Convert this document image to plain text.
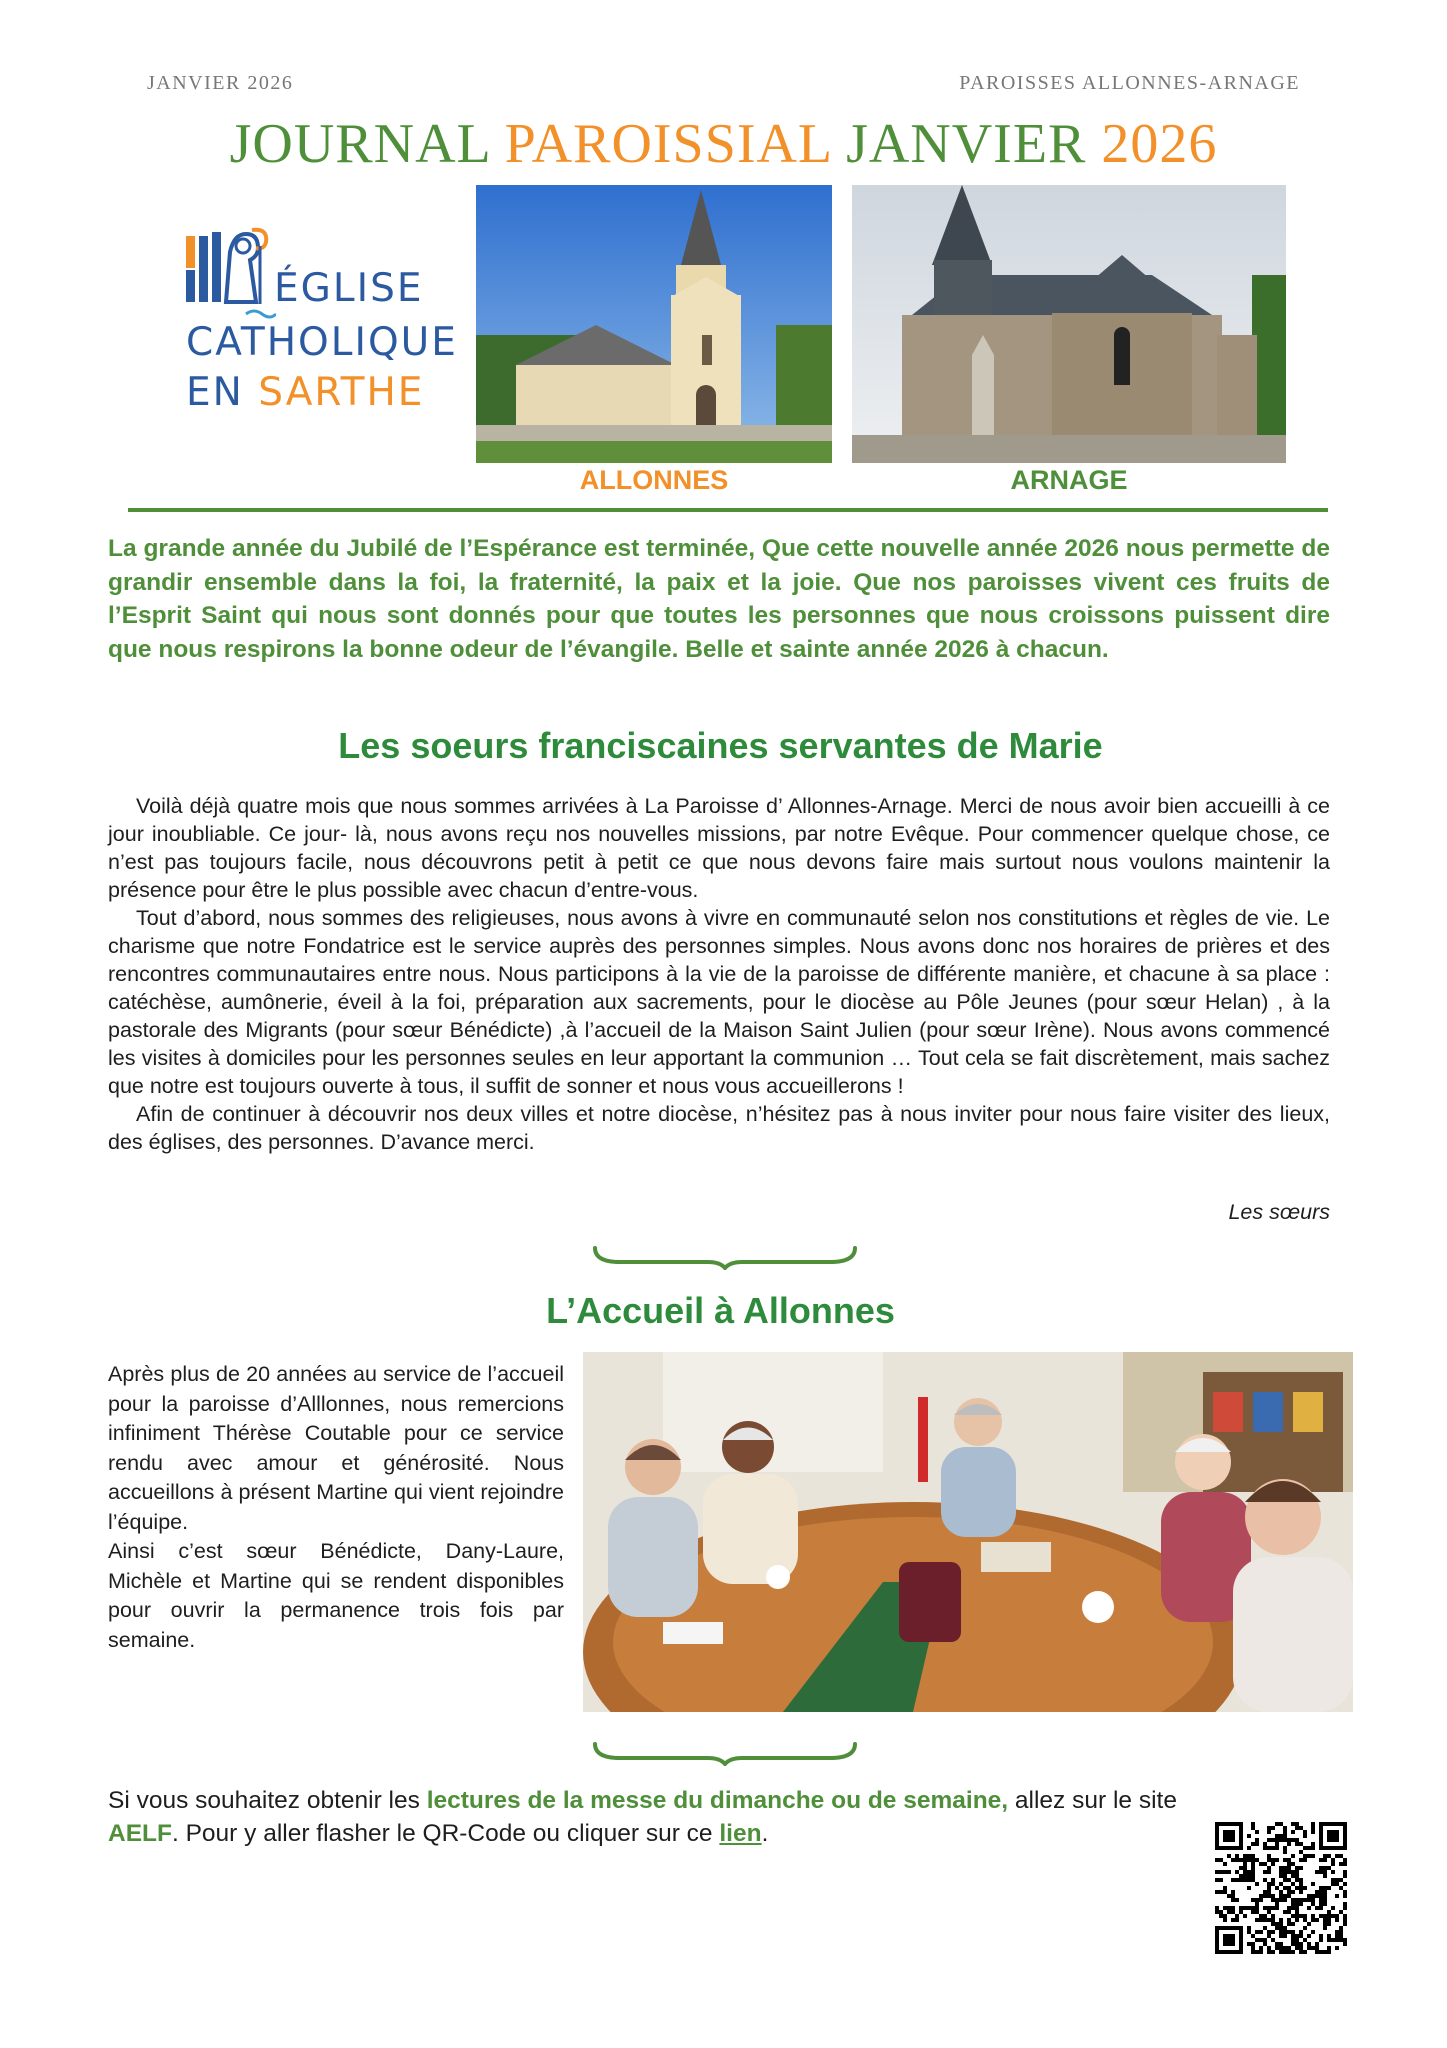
JANVIER 2026	PAROISSES ALLONNES-ARNAGE
JOURNAL PAROISSIAL JANVIER 2026
ÉGLISE
CATHOLIQUE
EN SARTHE
ALLONNES	ARNAGE
La grande année du Jubilé de l’Espérance est terminée, Que cette nouvelle année 2026 nous permette de grandir ensemble dans la foi, la fraternité, la paix et la joie. Que nos paroisses vivent ces fruits de l’Esprit Saint qui nous sont donnés pour que toutes les personnes que nous croissons puissent dire que nous respirons la bonne odeur de l’évangile. Belle et sainte année 2026 à chacun.
Les soeurs franciscaines servantes de Marie

Voilà déjà quatre mois que nous sommes arrivées à La Paroisse d’ Allonnes-Arnage. Merci de nous avoir bien accueilli à ce jour inoubliable. Ce jour- là, nous avons reçu nos nouvelles missions, par notre Evêque. Pour commencer quelque chose, ce n’est pas toujours facile, nous découvrons petit à petit ce que nous devons faire mais surtout nous voulons maintenir la présence pour être le plus possible avec chacun d’entre-vous.

Tout d’abord, nous sommes des religieuses, nous avons à vivre en communauté selon nos constitutions et règles de vie. Le charisme que notre Fondatrice est le service auprès des personnes simples. Nous avons donc nos horaires de prières et des rencontres communautaires entre nous. Nous participons à la vie de la paroisse de différente manière, et chacune à sa place : catéchèse, aumônerie, éveil à la foi, préparation aux sacrements, pour le diocèse au Pôle Jeunes (pour sœur Helan) , à la pastorale des Migrants (pour sœur Bénédicte) ,à l’accueil de la Maison Saint Julien (pour sœur Irène). Nous avons commencé les visites à domiciles pour les personnes seules en leur apportant la communion … Tout cela se fait discrètement, mais sachez que notre est toujours ouverte à tous, il suffit de sonner et nous vous accueillerons !

Afin de continuer à découvrir nos deux villes et notre diocèse, n’hésitez pas à nous inviter pour nous faire visiter des lieux, des églises, des personnes. D’avance merci.

Les sœurs
L’Accueil à Allonnes
Après plus de 20 années au service de l’accueil pour la paroisse d’Alllonnes, nous remercions infiniment Thérèse Coutable pour ce service rendu avec amour et générosité. Nous accueillons à présent Martine qui vient rejoindre l’équipe.
Ainsi c’est sœur Bénédicte, Dany-Laure, Michèle et Martine qui se rendent disponibles pour ouvrir la permanence trois fois par semaine.
Si vous souhaitez obtenir les lectures de la messe du dimanche ou de semaine, allez sur le site
AELF. Pour y aller flasher le QR-Code ou cliquer sur ce lien.
